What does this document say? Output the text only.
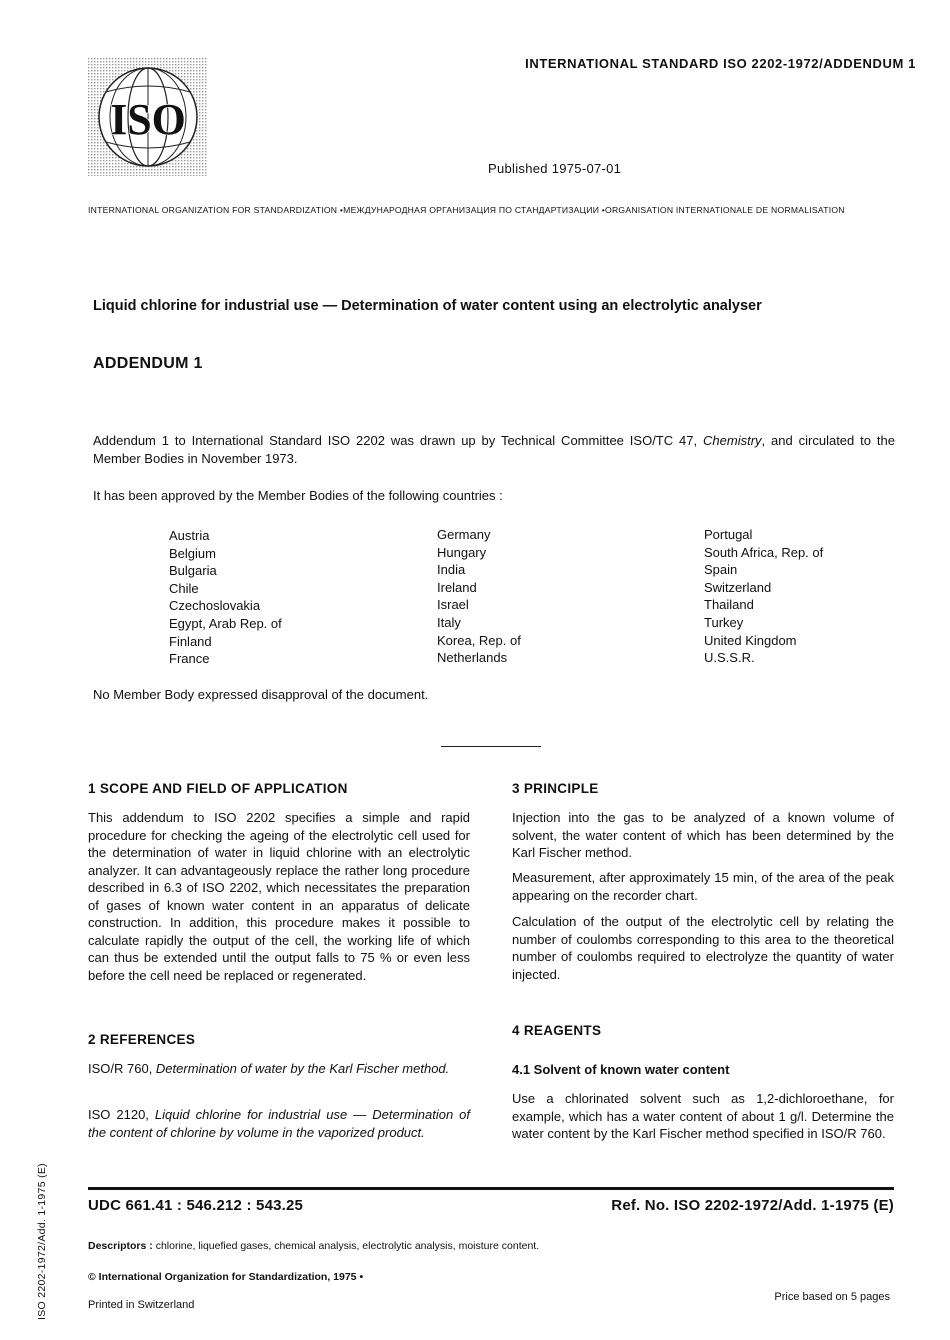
ISO
INTERNATIONAL STANDARD ISO 2202-1972/ADDENDUM 1
Published 1975-07-01
INTERNATIONAL ORGANIZATION FOR STANDARDIZATION •МЕЖДУНАРОДНАЯ ОРГАНИЗАЦИЯ ПО СТАНДАРТИЗАЦИИ •ORGANISATION INTERNATIONALE DE NORMALISATION
Liquid chlorine for industrial use — Determination of water content using an electrolytic analyser
ADDENDUM 1
Addendum 1 to International Standard ISO 2202 was drawn up by Technical Committee ISO/TC 47, Chemistry, and circulated to the Member Bodies in November 1973.
It has been approved by the Member Bodies of the following countries :
Austria
Belgium
Bulgaria
Chile
Czechoslovakia
Egypt, Arab Rep. of
Finland
France
Germany
Hungary
India
Ireland
Israel
Italy
Korea, Rep. of
Netherlands
Portugal
South Africa, Rep. of
Spain
Switzerland
Thailand
Turkey
United Kingdom
U.S.S.R.
No Member Body expressed disapproval of the document.
1 SCOPE AND FIELD OF APPLICATION

This addendum to ISO 2202 specifies a simple and rapid procedure for checking the ageing of the electrolytic cell used for the determination of water in liquid chlorine with an electrolytic analyzer. It can advantageously replace the rather long procedure described in 6.3 of ISO 2202, which necessitates the preparation of gases of known water content in an apparatus of delicate construction. In addition, this procedure makes it possible to calculate rapidly the output of the cell, the working life of which can thus be extended until the output falls to 75 % or even less before the cell need be replaced or regenerated.

2 REFERENCES

ISO/R 760, Determination of water by the Karl Fischer method.

ISO 2120, Liquid chlorine for industrial use — Determination of the content of chlorine by volume in the vaporized product.

3 PRINCIPLE

Injection into the gas to be analyzed of a known volume of solvent, the water content of which has been determined by the Karl Fischer method.

Measurement, after approximately 15 min, of the area of the peak appearing on the recorder chart.

Calculation of the output of the electrolytic cell by relating the number of coulombs corresponding to this area to the theoretical number of coulombs required to electrolyze the quantity of water injected.

4 REAGENTS
4.1 Solvent of known water content

Use a chlorinated solvent such as 1,2-dichloroethane, for example, which has a water content of about 1 g/l. Determine the water content by the Karl Fischer method specified in ISO/R 760.

UDC 661.41 : 546.212 : 543.25	Ref. No. ISO 2202-1972/Add. 1-1975 (E)
Descriptors : chlorine, liquefied gases, chemical analysis, electrolytic analysis, moisture content.
© International Organization for Standardization, 1975 •
Printed in Switzerland
Price based on 5 pages
ISO 2202-1972/Add. 1-1975 (E)
